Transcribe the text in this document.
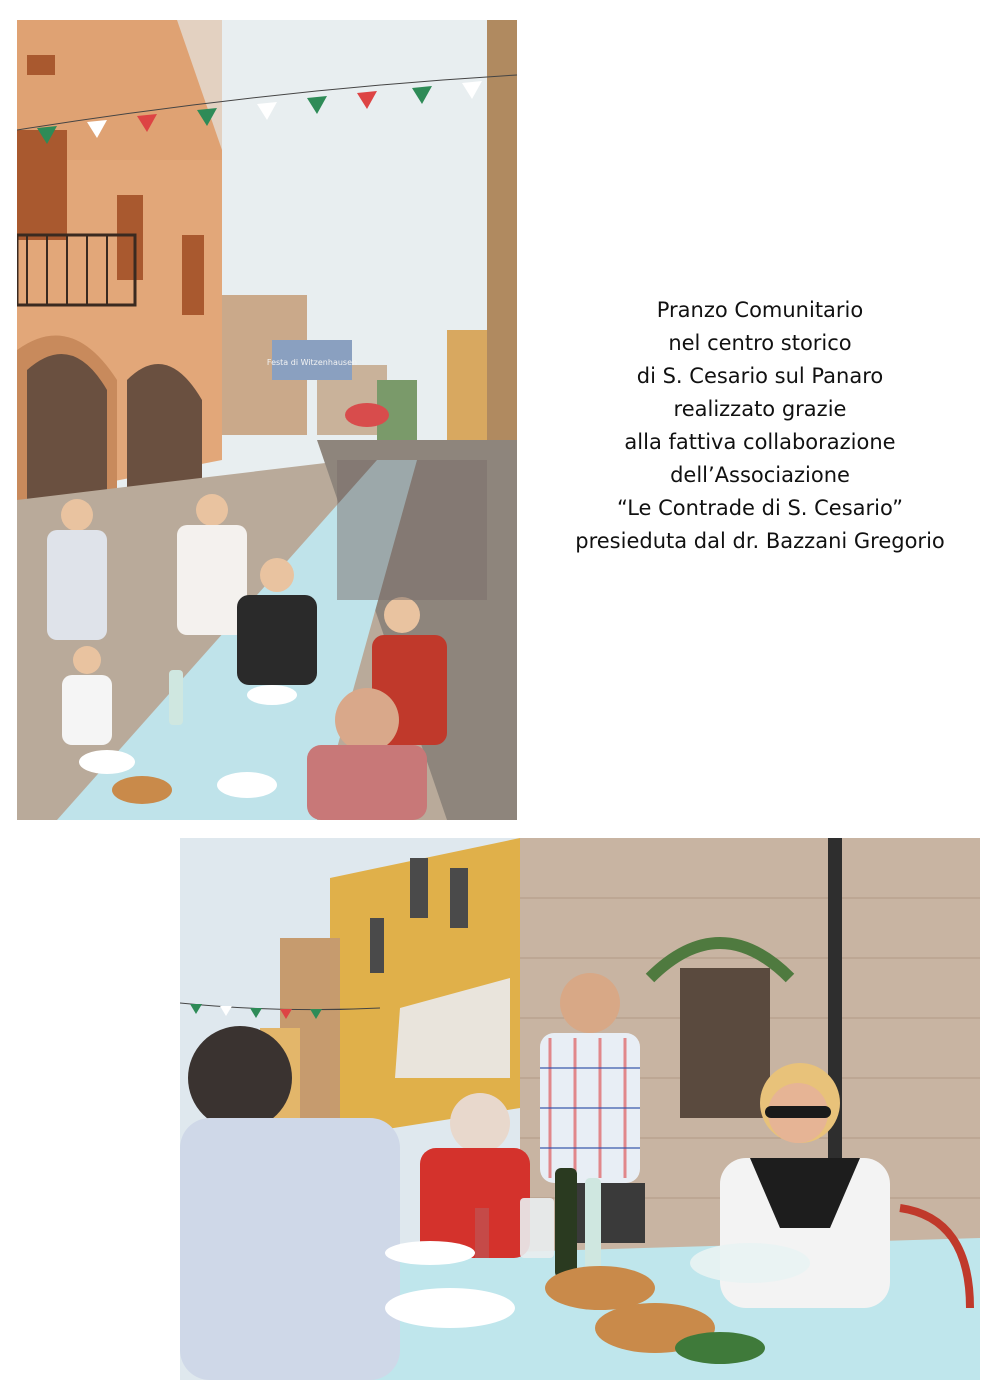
Festa di Witzenhausen
Pranzo Comunitario
nel centro storico
di S. Cesario sul Panaro
realizzato grazie
alla fattiva collaborazione
dell’Associazione
“Le Contrade di S. Cesario”
presieduta dal dr. Bazzani Gregorio
